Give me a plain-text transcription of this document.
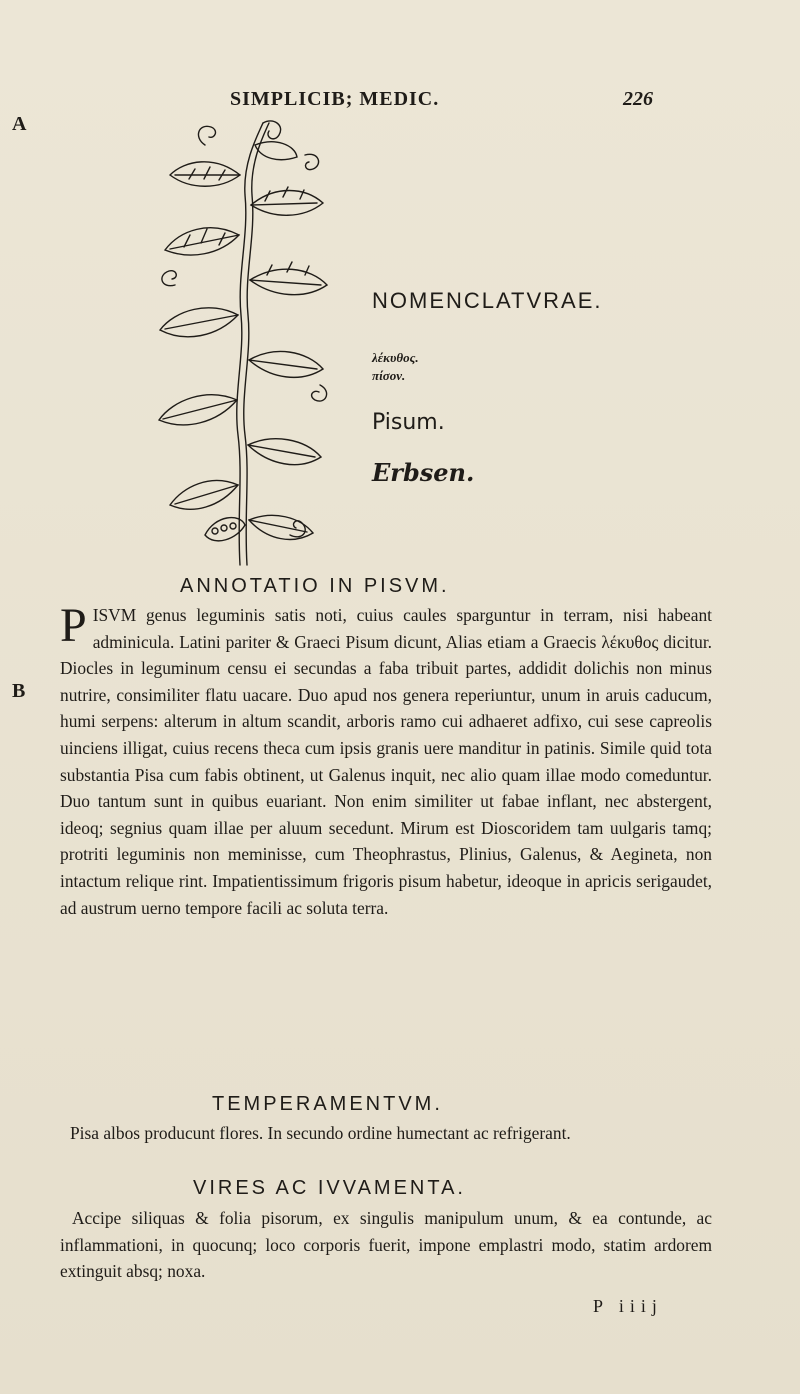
SIMPLICIB; MEDIC.	226
A
B
NOMENCLATVRAE.
λέκυθος.
πίσον.
Pisum.
Erbsen.
ANNOTATIO IN PISVM.

PISVM genus leguminis satis noti, cuius caules sparguntur in terram, nisi habeant adminicula. Latini pariter & Graeci Pisum dicunt, Alias etiam a Graecis λέκυθος dicitur. Diocles in leguminum censu ei secundas a faba tribuit partes, addidit dolichis non minus nutrire, consimiliter flatu uacare. Duo apud nos genera reperiuntur, unum in aruis caducum, humi serpens: alterum in altum scandit, arboris ramo cui adhaeret adfixo, cui sese capreolis uinciens illigat, cuius recens theca cum ipsis granis uere manditur in patinis. Simile quid tota substantia Pisa cum fabis obtinent, ut Galenus inquit, nec alio quam illae modo comeduntur. Duo tantum sunt in quibus euariant. Non enim similiter ut fabae inflant, nec abstergent, ideoq; segnius quam illae per aluum secedunt. Mirum est Dioscoridem tam uulgaris tamq; protriti leguminis non meminisse, cum Theophrastus, Plinius, Galenus, & Aegineta, non intactum relique rint. Impatientissimum frigoris pisum habetur, ideoque in apricis serigaudet, ad austrum uerno tempore facili ac soluta terra.

TEMPERAMENTVM.

Pisa albos producunt flores. In secundo ordine humectant ac refrigerant.

VIRES AC IVVAMENTA.

Accipe siliquas & folia pisorum, ex singulis manipulum unum, & ea contunde, ac inflammationi, in quocunq; loco corporis fuerit, impone emplastri modo, statim ardorem extinguit absq; noxa.

P iiij
